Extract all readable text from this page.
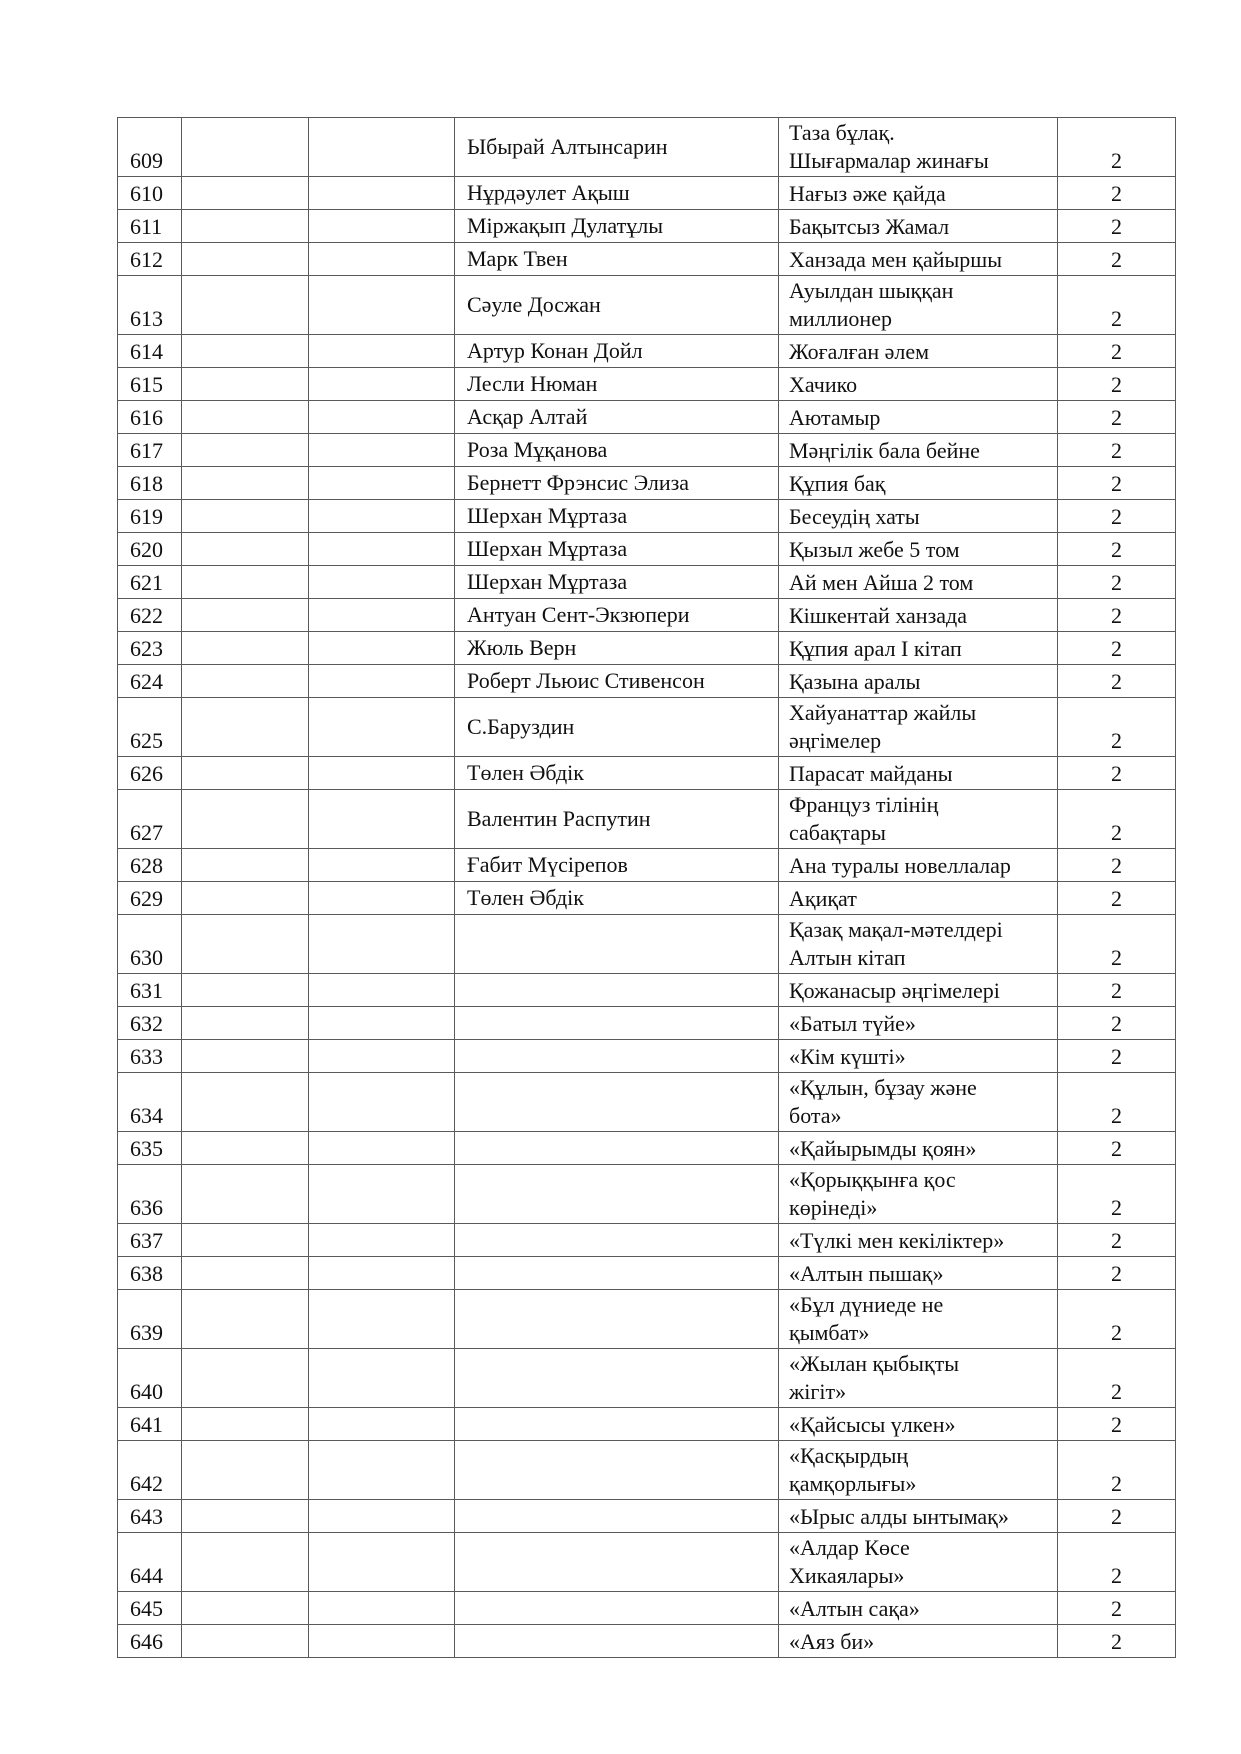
609			Ыбырай Алтынсарин	Таза бұлақ.
Шығармалар жинағы	2
610			Нұрдәулет Ақыш	Нағыз әже қайда	2
611			Міржақып Дулатұлы	Бақытсыз Жамал	2
612			Марк Твен	Ханзада мен қайыршы	2
613			Сәуле Досжан	Ауылдан шыққан
миллионер	2
614			Артур Конан Дойл	Жоғалған әлем	2
615			Лесли Нюман	Хачико	2
616			Асқар Алтай	Аютамыр	2
617			Роза Мұқанова	Мәңгілік бала бейне	2
618			Бернетт Фрэнсис Элиза	Құпия бақ	2
619			Шерхан Мұртаза	Бесеудің хаты	2
620			Шерхан Мұртаза	Қызыл жебе 5 том	2
621			Шерхан Мұртаза	Ай мен Айша 2 том	2
622			Антуан Сент-Экзюпери	Кішкентай ханзада	2
623			Жюль Верн	Құпия арал І кітап	2
624			Роберт Льюис Стивенсон	Қазына аралы	2
625			С.Баруздин	Хайуанаттар жайлы
әңгімелер	2
626			Төлен Әбдік	Парасат майданы	2
627			Валентин Распутин	Француз тілінің
сабақтары	2
628			Ғабит Мүсірепов	Ана туралы новеллалар	2
629			Төлен Әбдік	Ақиқат	2
630				Қазақ мақал-мәтелдері
Алтын кітап	2
631				Қожанасыр әңгімелері	2
632				«Батыл түйе»	2
633				«Кім күшті»	2
634				«Құлын, бұзау және
бота»	2
635				«Қайырымды қоян»	2
636				«Қорыққынға қос
көрінеді»	2
637				«Түлкі мен кекіліктер»	2
638				«Алтын пышақ»	2
639				«Бұл дүниеде не
қымбат»	2
640				«Жылан қыбықты
жігіт»	2
641				«Қайсысы үлкен»	2
642				«Қасқырдың
қамқорлығы»	2
643				«Ырыс алды ынтымақ»	2
644				«Алдар Көсе
Хикаялары»	2
645				«Алтын сақа»	2
646				«Аяз би»	2
